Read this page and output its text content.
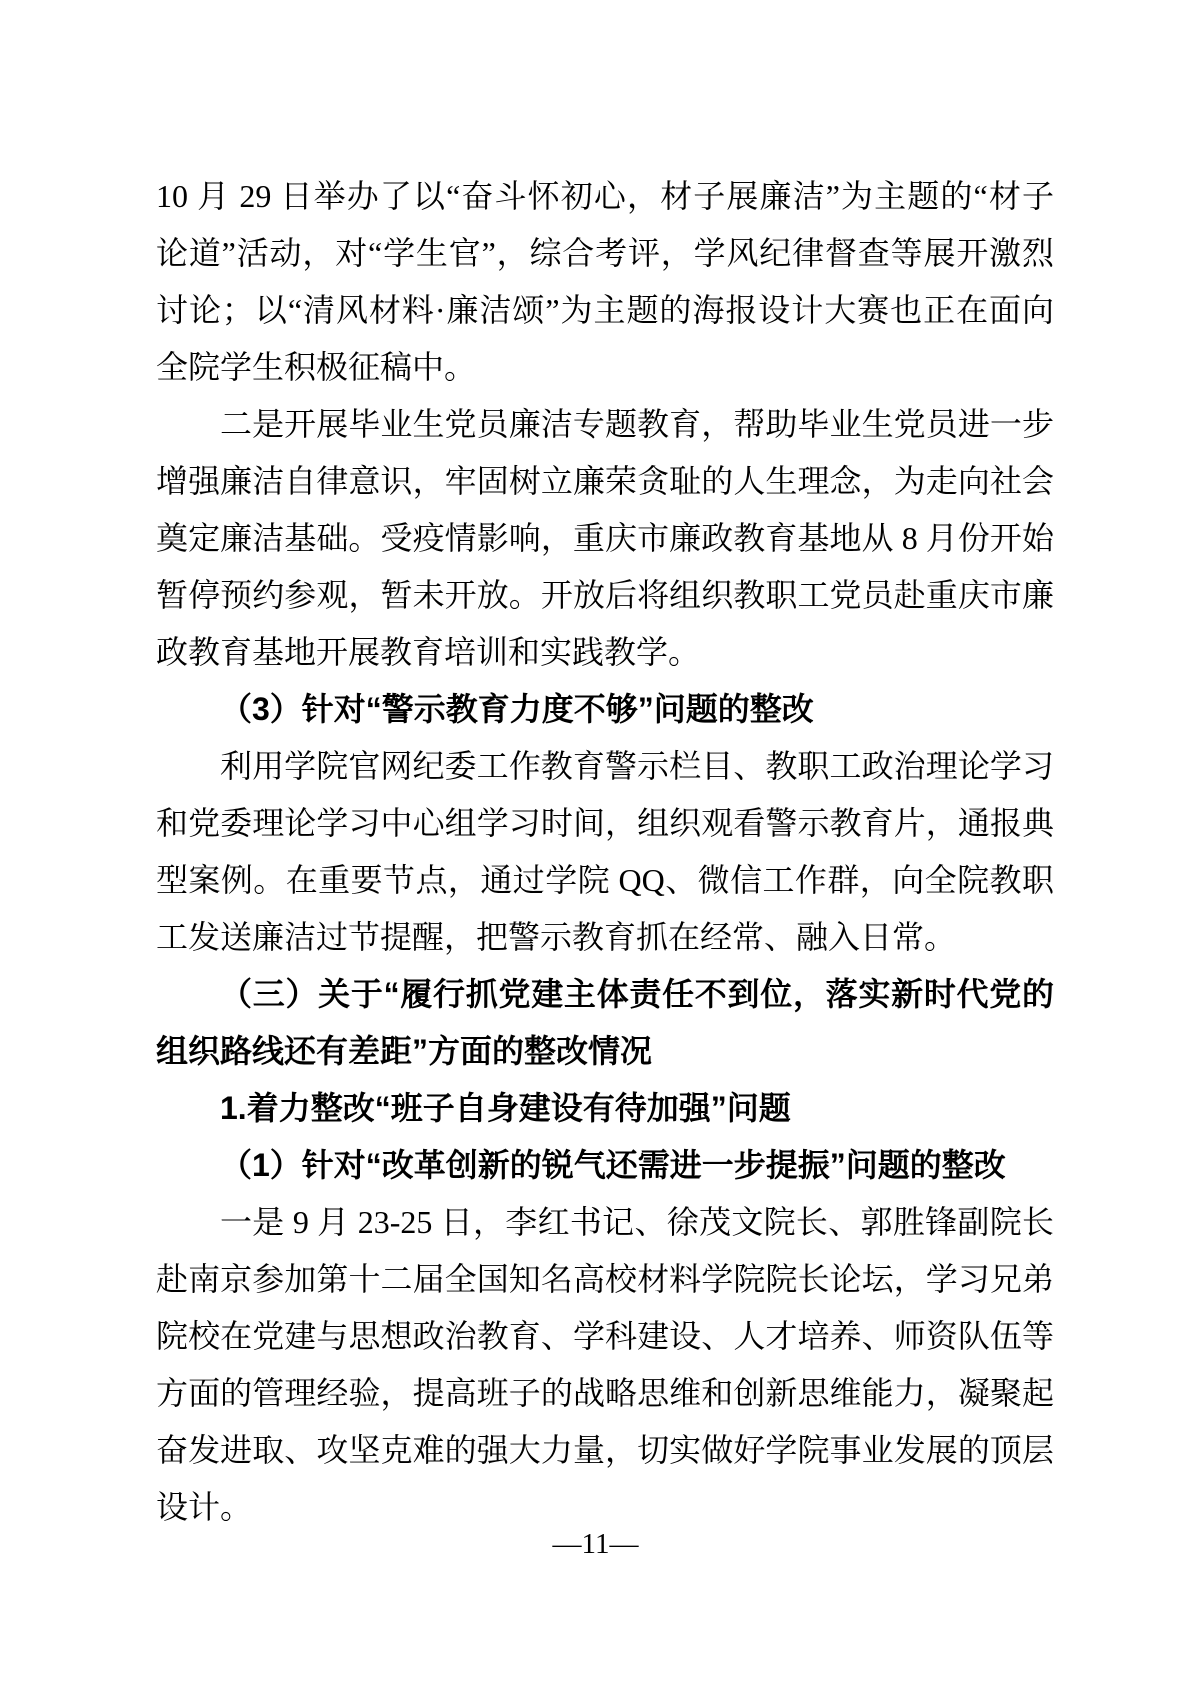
10 月 29 日举办了以“奋斗怀初心，材子展廉洁”为主题的“材子论道”活动，对“学生官”，综合考评，学风纪律督查等展开激烈讨论；以“清风材料·廉洁颂”为主题的海报设计大赛也正在面向全院学生积极征稿中。

二是开展毕业生党员廉洁专题教育，帮助毕业生党员进一步增强廉洁自律意识，牢固树立廉荣贪耻的人生理念，为走向社会奠定廉洁基础。受疫情影响，重庆市廉政教育基地从 8 月份开始暂停预约参观，暂未开放。开放后将组织教职工党员赴重庆市廉政教育基地开展教育培训和实践教学。

（3）针对“警示教育力度不够”问题的整改

利用学院官网纪委工作教育警示栏目、教职工政治理论学习和党委理论学习中心组学习时间，组织观看警示教育片，通报典型案例。在重要节点，通过学院 QQ、微信工作群，向全院教职工发送廉洁过节提醒，把警示教育抓在经常、融入日常。

（三）关于“履行抓党建主体责任不到位，落实新时代党的组织路线还有差距”方面的整改情况

1.着力整改“班子自身建设有待加强”问题

（1）针对“改革创新的锐气还需进一步提振”问题的整改

一是 9 月 23-25 日，李红书记、徐茂文院长、郭胜锋副院长赴南京参加第十二届全国知名高校材料学院院长论坛，学习兄弟院校在党建与思想政治教育、学科建设、人才培养、师资队伍等方面的管理经验，提高班子的战略思维和创新思维能力，凝聚起奋发进取、攻坚克难的强大力量，切实做好学院事业发展的顶层设计。

—11—
